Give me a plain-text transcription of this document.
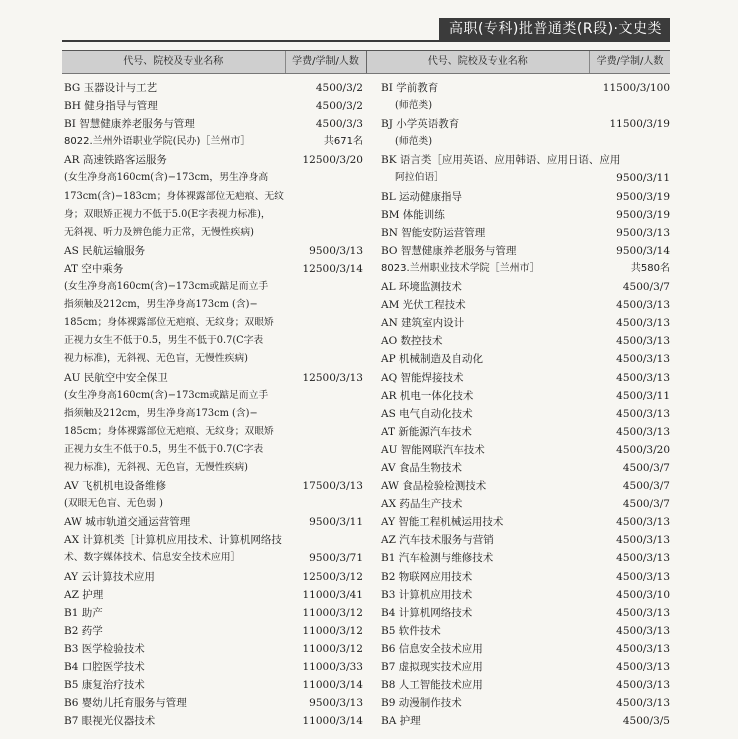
高职(专科)批普通类(R段)·文史类
代号、院校及专业名称	学费/学制/人数	代号、院校及专业名称	学费/学制/人数
BG 玉器设计与工艺	4500/3/2
BH 健身指导与管理	4500/3/2
BI 智慧健康养老服务与管理	4500/3/3
8022.兰州外语职业学院(民办)［兰州市］	共671名
AR 高速铁路客运服务	12500/3/20
(女生净身高160cm(含)−173cm，男生净身高
173cm(含)−183cm；身体裸露部位无疤痕、无纹
身；双眼矫正视力不低于5.0(E字表视力标准)，
无斜视、听力及辨色能力正常，无慢性疾病)
AS 民航运输服务	9500/3/13
AT 空中乘务	12500/3/14
(女生净身高160cm(含)−173cm或踮足而立手
指须触及212cm，男生净身高173cm (含)−
185cm；身体裸露部位无疤痕、无纹身；双眼矫
正视力女生不低于0.5，男生不低于0.7(C字表
视力标准)，无斜视、无色盲，无慢性疾病)
AU 民航空中安全保卫	12500/3/13
(女生净身高160cm(含)−173cm或踮足而立手
指须触及212cm，男生净身高173cm (含)−
185cm；身体裸露部位无疤痕、无纹身；双眼矫
正视力女生不低于0.5，男生不低于0.7(C字表
视力标准)，无斜视、无色盲，无慢性疾病)
AV 飞机机电设备维修	17500/3/13
(双眼无色盲、无色弱 )
AW 城市轨道交通运营管理	9500/3/11
AX 计算机类［计算机应用技术、计算机网络技
术、数字媒体技术、信息安全技术应用］	9500/3/71
AY 云计算技术应用	12500/3/12
AZ 护理	11000/3/41
B1 助产	11000/3/12
B2 药学	11000/3/12
B3 医学检验技术	11000/3/12
B4 口腔医学技术	11000/3/33
B5 康复治疗技术	11000/3/14
B6 婴幼儿托育服务与管理	9500/3/13
B7 眼视光仪器技术	11000/3/14
BI 学前教育	11500/3/100
(师范类)
BJ 小学英语教育	11500/3/19
(师范类)
BK 语言类［应用英语、应用韩语、应用日语、应用
阿拉伯语］	9500/3/11
BL 运动健康指导	9500/3/19
BM 体能训练	9500/3/19
BN 智能安防运营管理	9500/3/13
BO 智慧健康养老服务与管理	9500/3/14
8023.兰州职业技术学院［兰州市］	共580名
AL 环境监测技术	4500/3/7
AM 光伏工程技术	4500/3/13
AN 建筑室内设计	4500/3/13
AO 数控技术	4500/3/13
AP 机械制造及自动化	4500/3/13
AQ 智能焊接技术	4500/3/13
AR 机电一体化技术	4500/3/11
AS 电气自动化技术	4500/3/13
AT 新能源汽车技术	4500/3/13
AU 智能网联汽车技术	4500/3/20
AV 食品生物技术	4500/3/7
AW 食品检验检测技术	4500/3/7
AX 药品生产技术	4500/3/7
AY 智能工程机械运用技术	4500/3/13
AZ 汽车技术服务与营销	4500/3/13
B1 汽车检测与维修技术	4500/3/13
B2 物联网应用技术	4500/3/13
B3 计算机应用技术	4500/3/10
B4 计算机网络技术	4500/3/13
B5 软件技术	4500/3/13
B6 信息安全技术应用	4500/3/13
B7 虚拟现实技术应用	4500/3/13
B8 人工智能技术应用	4500/3/13
B9 动漫制作技术	4500/3/13
BA 护理	4500/3/5
